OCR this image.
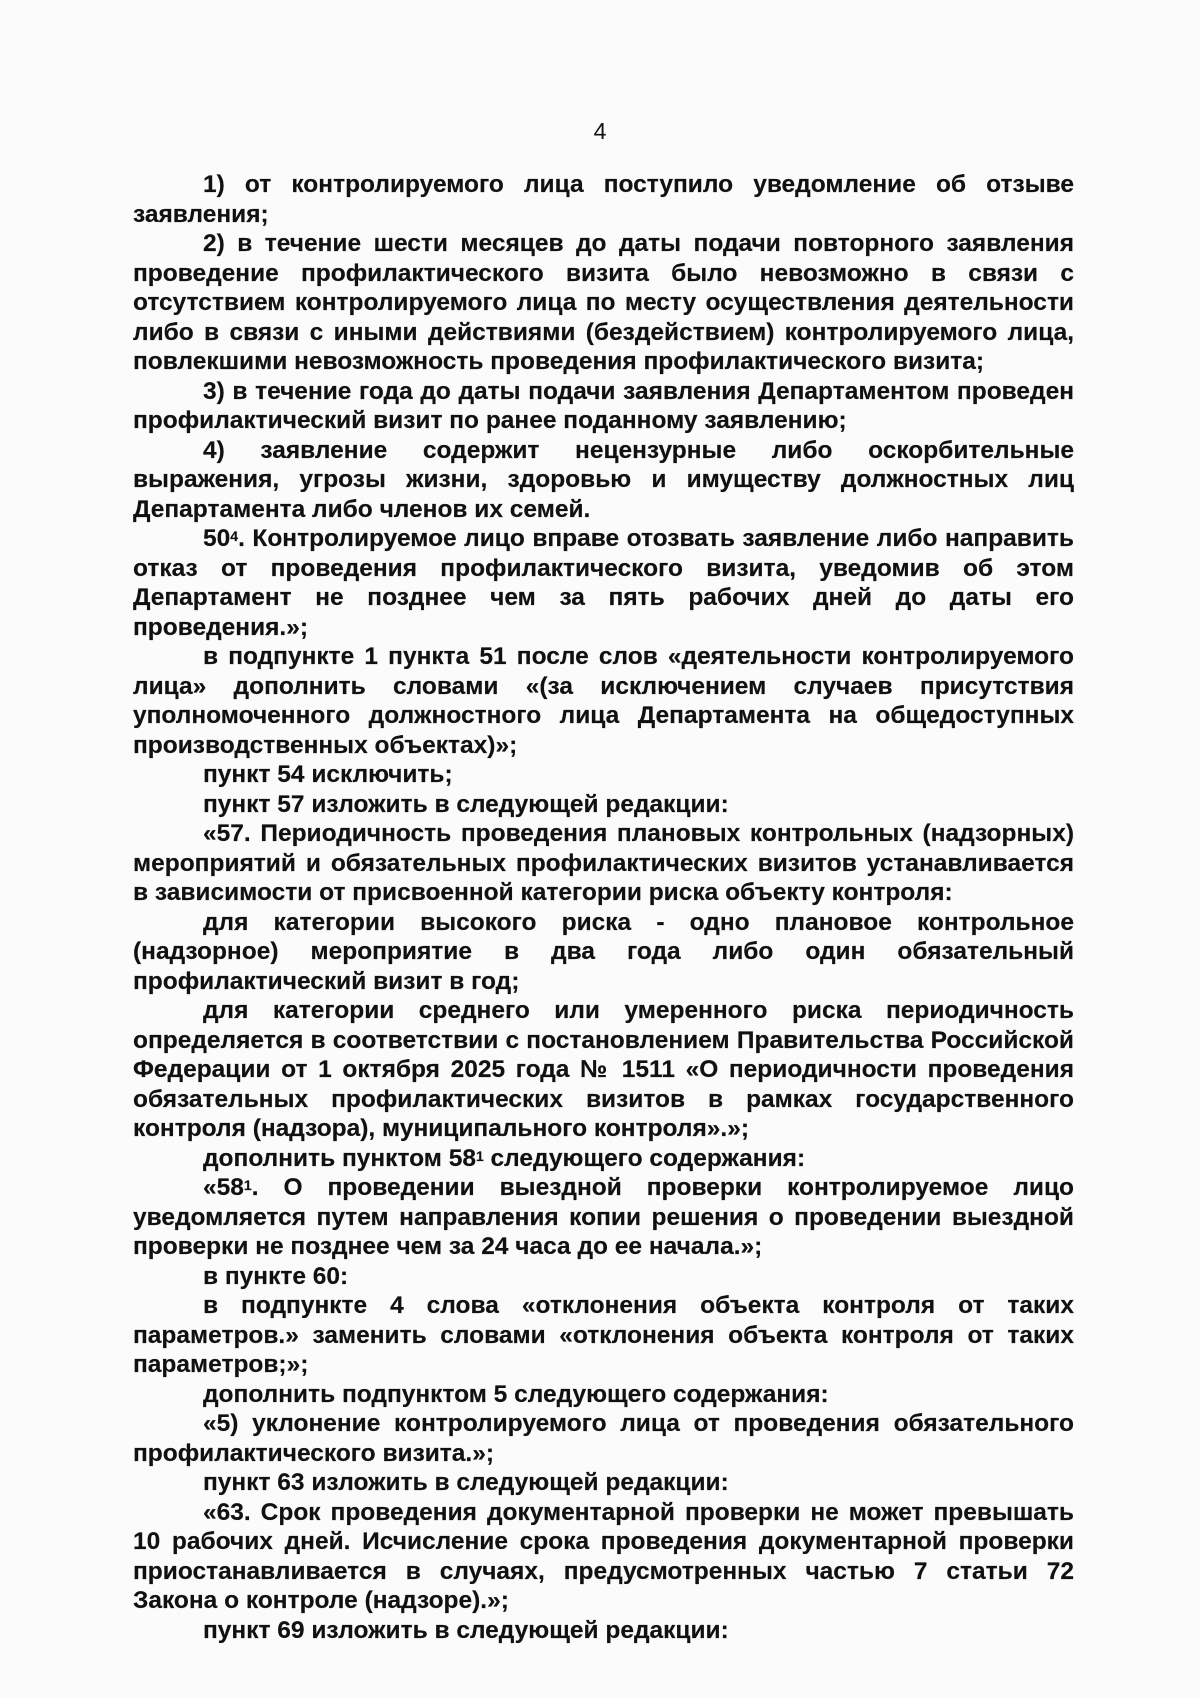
4

1) от контролируемого лица поступило уведомление об отзыве заявления;

2) в течение шести месяцев до даты подачи повторного заявления проведение профилактического визита было невозможно в связи с отсутствием контролируемого лица по месту осуществления деятельности либо в связи с иными действиями (бездействием) контролируемого лица, повлекшими невозможность проведения профилактического визита;

3) в течение года до даты подачи заявления Департаментом проведен профилактический визит по ранее поданному заявлению;

4) заявление содержит нецензурные либо оскорбительные выражения, угрозы жизни, здоровью и имуществу должностных лиц Департамента либо членов их семей.

$50^4$. Контролируемое лицо вправе отозвать заявление либо направить отказ от проведения профилактического визита, уведомив об этом Департамент не позднее чем за пять рабочих дней до даты его проведения.»;

в подпункте 1 пункта 51 после слов «деятельности контролируемого лица» дополнить словами «(за исключением случаев присутствия уполномоченного должностного лица Департамента на общедоступных производственных объектах)»;

пункт 54 исключить;

пункт 57 изложить в следующей редакции:

«57. Периодичность проведения плановых контрольных (надзорных) мероприятий и обязательных профилактических визитов устанавливается в зависимости от присвоенной категории риска объекту контроля:

для категории высокого риска - одно плановое контрольное (надзорное) мероприятие в два года либо один обязательный профилактический визит в год;

для категории среднего или умеренного риска периодичность определяется в соответствии с постановлением Правительства Российской Федерации от 1 октября 2025 года № 1511 «О периодичности проведения обязательных профилактических визитов в рамках государственного контроля (надзора), муниципального контроля».»;

дополнить пунктом $58^1$ следующего содержания:

«$58^1$. О проведении выездной проверки контролируемое лицо уведомляется путем направления копии решения о проведении выездной проверки не позднее чем за 24 часа до ее начала.»;

в пункте 60:

в подпункте 4 слова «отклонения объекта контроля от таких параметров.» заменить словами «отклонения объекта контроля от таких параметров;»;

дополнить подпунктом 5 следующего содержания:

«5) уклонение контролируемого лица от проведения обязательного профилактического визита.»;

пункт 63 изложить в следующей редакции:

«63. Срок проведения документарной проверки не может превышать 10 рабочих дней. Исчисление срока проведения документарной проверки приостанавливается в случаях, предусмотренных частью 7 статьи 72 Закона о контроле (надзоре).»;

пункт 69 изложить в следующей редакции:
